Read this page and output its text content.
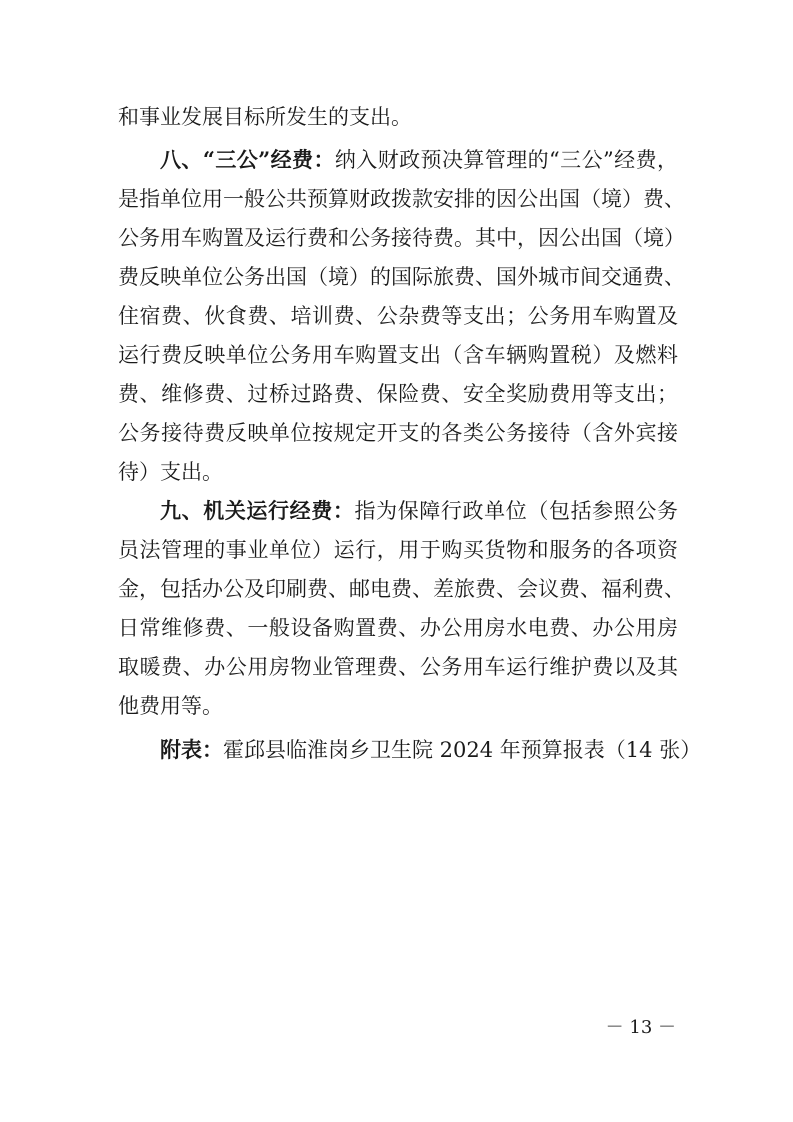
和事业发展目标所发生的支出。
八、“三公”经费：纳入财政预决算管理的“三公”经费，
是指单位用一般公共预算财政拨款安排的因公出国（境）费、
公务用车购置及运行费和公务接待费。其中，因公出国（境）
费反映单位公务出国（境）的国际旅费、国外城市间交通费、
住宿费、伙食费、培训费、公杂费等支出；公务用车购置及
运行费反映单位公务用车购置支出（含车辆购置税）及燃料
费、维修费、过桥过路费、保险费、安全奖励费用等支出；
公务接待费反映单位按规定开支的各类公务接待（含外宾接
待）支出。
九、机关运行经费：指为保障行政单位（包括参照公务
员法管理的事业单位）运行，用于购买货物和服务的各项资
金，包括办公及印刷费、邮电费、差旅费、会议费、福利费、
日常维修费、一般设备购置费、办公用房水电费、办公用房
取暖费、办公用房物业管理费、公务用车运行维护费以及其
他费用等。
附表：霍邱县临淮岗乡卫生院 2024 年预算报表（14 张）
－ 13 －
